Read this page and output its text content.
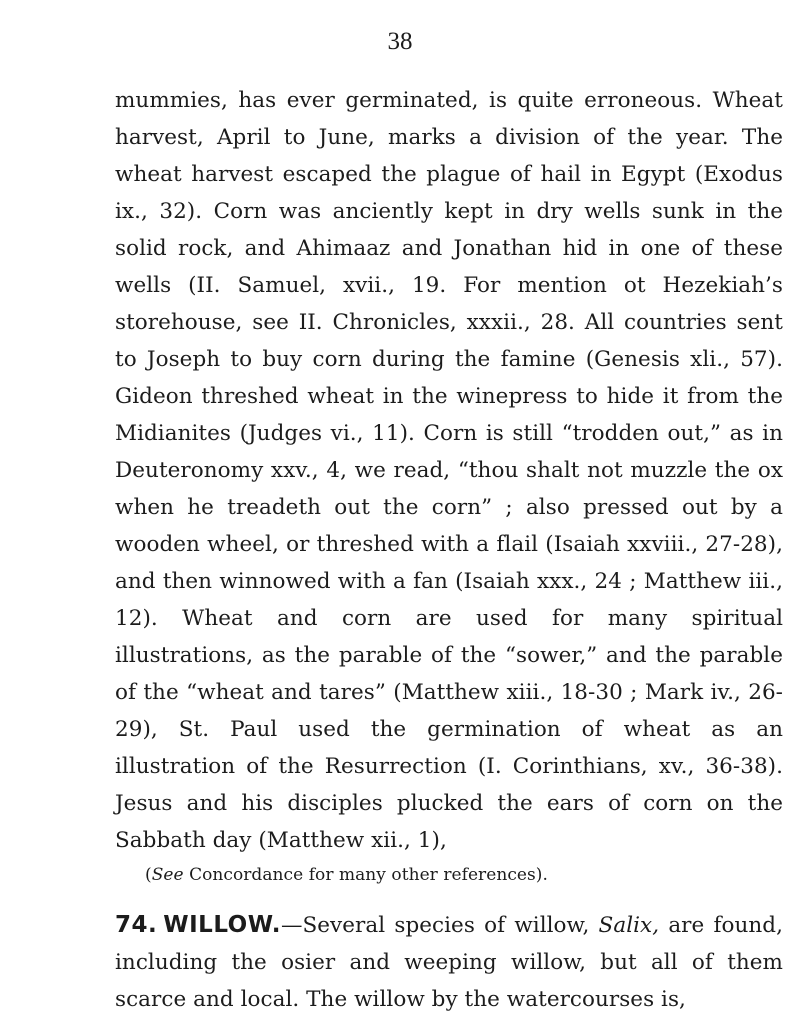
38

mummies, has ever germinated, is quite erroneous. Wheat harvest, April to June, marks a division of the year. The wheat harvest escaped the plague of hail in Egypt (Exodus ix., 32). Corn was anciently kept in dry wells sunk in the solid rock, and Ahimaaz and Jonathan hid in one of these wells (II. Samuel, xvii., 19. For mention ot Hezekiah’s storehouse, see II. Chronicles, xxxii., 28. All countries sent to Joseph to buy corn during the famine (Genesis xli., 57). Gideon threshed wheat in the winepress to hide it from the Midianites (Judges vi., 11). Corn is still “trodden out,” as in Deuteronomy xxv., 4, we read, “thou shalt not muzzle the ox when he treadeth out the corn” ; also pressed out by a wooden wheel, or threshed with a flail (Isaiah xxviii., 27-28), and then winnowed with a fan (Isaiah xxx., 24 ; Matthew iii., 12). Wheat and corn are used for many spiritual illustrations, as the parable of the “sower,” and the parable of the “wheat and tares” (Matthew xiii., 18-30 ; Mark iv., 26-29), St. Paul used the germination of wheat as an illustration of the Resurrection (I. Corinthians, xv., 36-38). Jesus and his disciples plucked the ears of corn on the Sabbath day (Matthew xii., 1),

(See Concordance for many other references).

74. WILLOW.—Several species of willow, Salix, are found, including the osier and weeping willow, but all of them scarce and local. The willow by the watercourses is,
